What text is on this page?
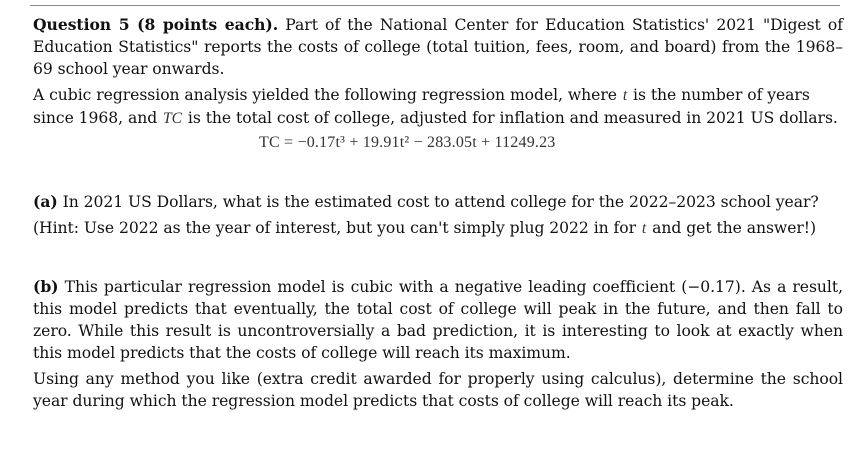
Question 5 (8 points each). Part of the National Center for Education Statistics' 2021 "Digest of Education Statistics" reports the costs of college (total tuition, fees, room, and board) from the 1968–69 school year onwards.

A cubic regression analysis yielded the following regression model, where t is the number of years since 1968, and TC is the total cost of college, adjusted for inflation and measured in 2021 US dollars.

TC = −0.17t³ + 19.91t² − 283.05t + 11249.23

(a) In 2021 US Dollars, what is the estimated cost to attend college for the 2022–2023 school year?

(Hint: Use 2022 as the year of interest, but you can't simply plug 2022 in for t and get the answer!)

(b) This particular regression model is cubic with a negative leading coefficient (−0.17). As a result, this model predicts that eventually, the total cost of college will peak in the future, and then fall to zero. While this result is uncontroversially a bad prediction, it is interesting to look at exactly when this model predicts that the costs of college will reach its maximum.

Using any method you like (extra credit awarded for properly using calculus), determine the school year during which the regression model predicts that costs of college will reach its peak.
